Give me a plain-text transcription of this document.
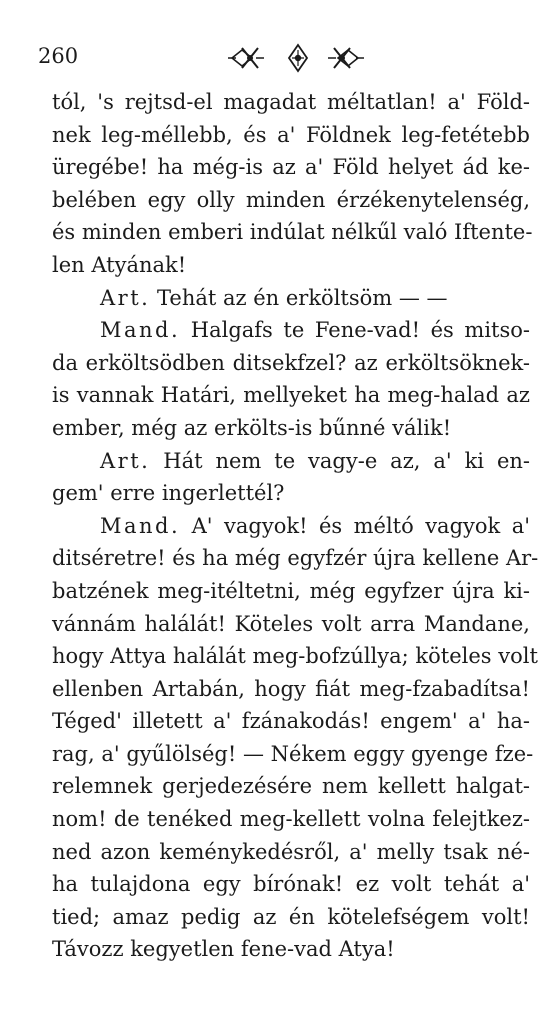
260
tól, 's rejtsd-el magadat méltatlan! a' Föld-
nek leg-méllebb, és a' Földnek leg-fetétebb
üregébe! ha még-is az a' Föld helyet ád ke-
belében egy olly minden érzékenytelenség,
és minden emberi indúlat nélkűl való Iftente-
len Atyának!
Art. Tehát az én erköltsöm — —
Mand. Halgafs te Fene-vad! és mitso-
da erköltsödben ditsekfzel? az erköltsöknek-
is vannak Határi, mellyeket ha meg-halad az
ember, még az erkölts-is bűnné válik!
Art. Hát nem te vagy-e az, a' ki en-
gem' erre ingerlettél?
Mand. A' vagyok! és méltó vagyok a'
ditséretre! és ha még egyfzér újra kellene Ar-
batzének meg-itéltetni, még egyfzer újra ki-
vánnám halálát! Köteles volt arra Mandane,
hogy Attya halálát meg-bofzúllya; köteles volt
ellenben Artabán, hogy fiát meg-fzabadítsa!
Téged' illetett a' fzánakodás! engem' a' ha-
rag, a' gyűlölség! — Nékem eggy gyenge fze-
relemnek gerjedezésére nem kellett halgat-
nom! de tenéked meg-kellett volna felejtkez-
ned azon keménykedésről, a' melly tsak né-
ha tulajdona egy bírónak! ez volt tehát a'
tied; amaz pedig az én kötelefségem volt!
Távozz kegyetlen fene-vad Atya!
